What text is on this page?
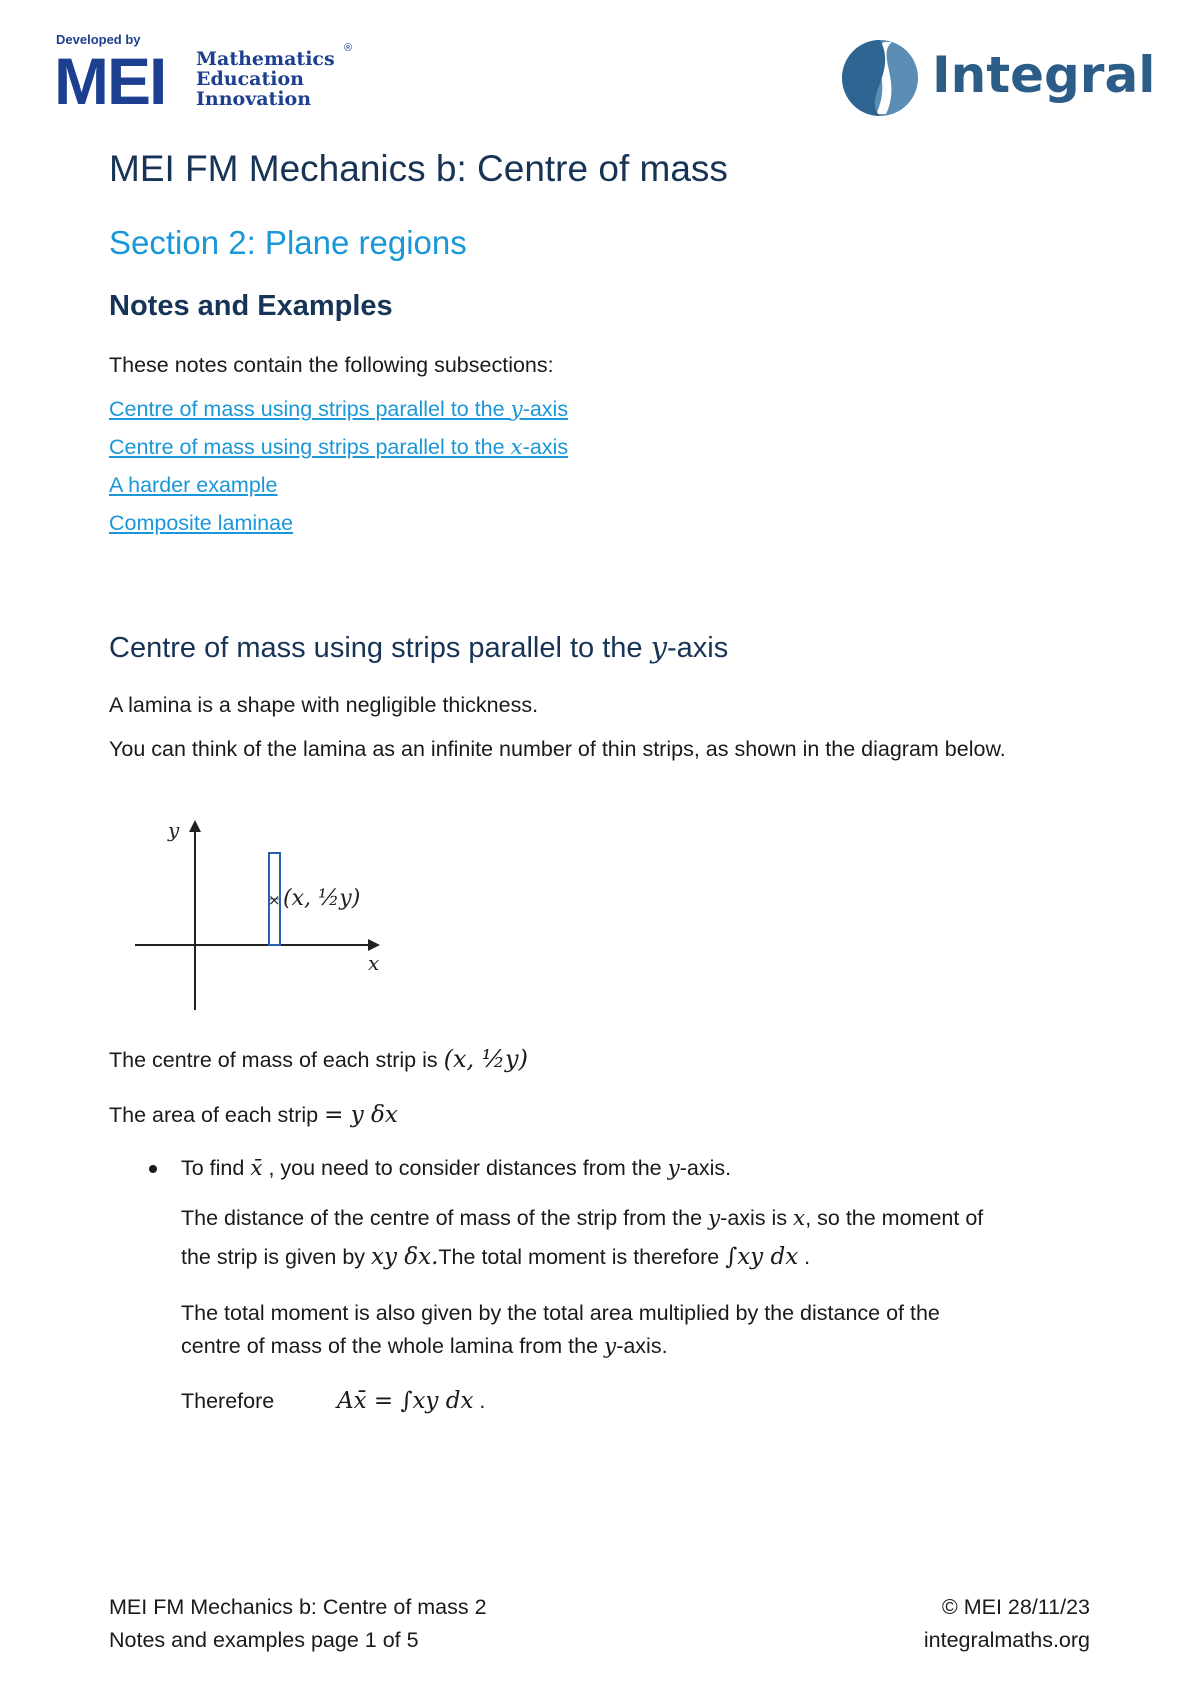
Developed by
MEI Mathematics
Education
Innovation
®	Integral
MEI FM Mechanics b: Centre of mass
Section 2: Plane regions
Notes and Examples

These notes contain the following subsections:

Centre of mass using strips parallel to the y-axis
Centre of mass using strips parallel to the x-axis
A harder example
Composite laminae
Centre of mass using strips parallel to the y-axis

A lamina is a shape with negligible thickness.

You can think of the lamina as an infinite number of thin strips, as shown in the diagram below.

y
x
× (x, ½y)

The centre of mass of each strip is (x, ½y)

The area of each strip = y δx

To find x̄ , you need to consider distances from the y-axis.

The distance of the centre of mass of the strip from the y-axis is x, so the moment of

the strip is given by xy δx.The total moment is therefore ∫xy dx .

The total moment is also given by the total area multiplied by the distance of the

centre of mass of the whole lamina from the y-axis.

Therefore	Ax̄ = ∫xy dx .

MEI FM Mechanics b: Centre of mass 2

Notes and examples page 1 of 5

© MEI 28/11/23

integralmaths.org
